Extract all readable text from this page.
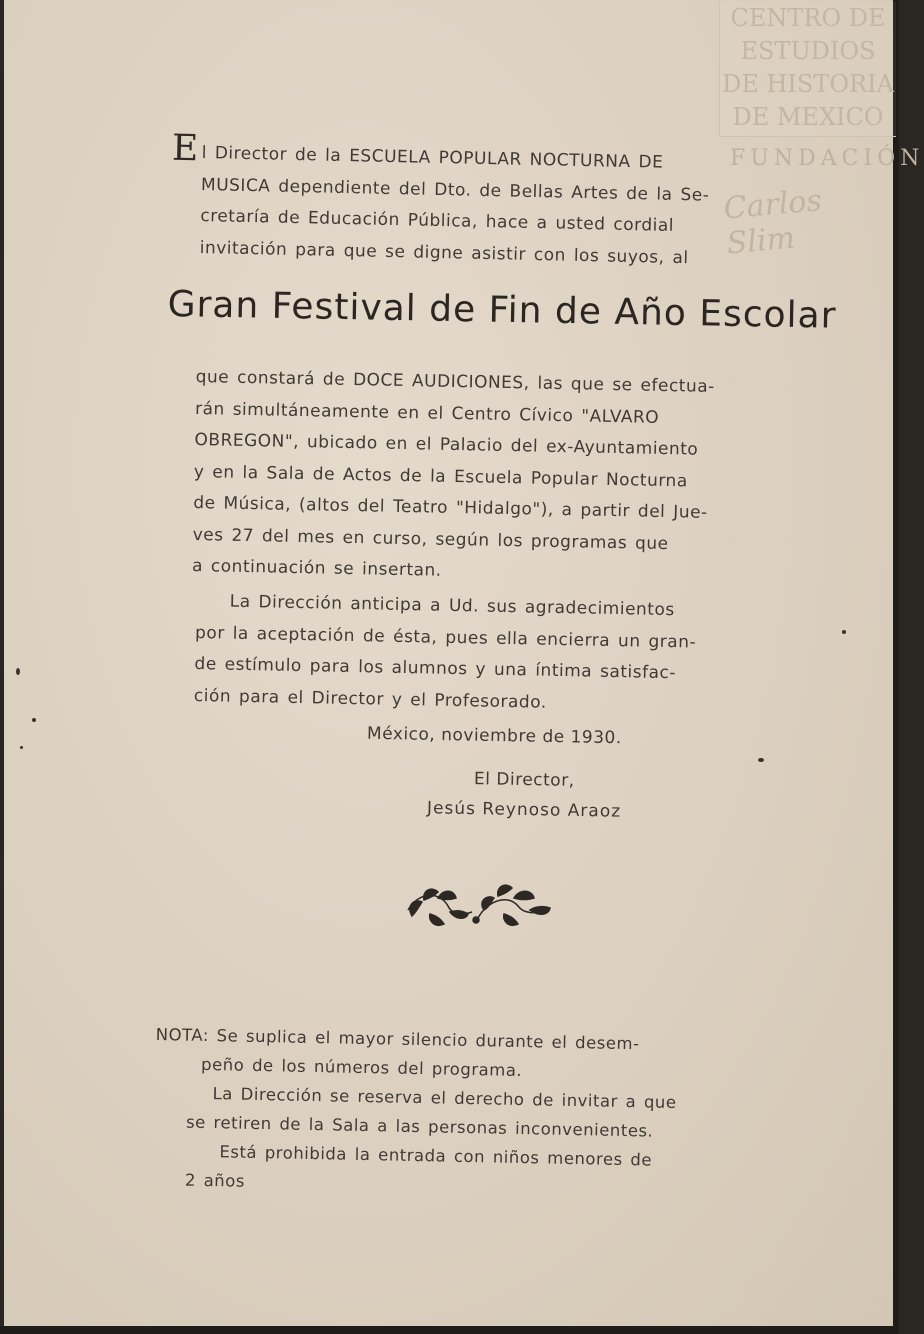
CENTRO DE
ESTUDIOS
DE HISTORIA
DE MEXICO
FUNDACIÓN
Carlos Slim
E l Director de la ESCUELA POPULAR NOCTURNA DE
MUSICA dependiente del Dto. de Bellas Artes de la Se-
cretaría de Educación Pública, hace a usted cordial
invitación para que se digne asistir con los suyos, al
Gran Festival de Fin de Año Escolar
que constará de DOCE AUDICIONES, las que se efectua-
rán simultáneamente en el Centro Cívico "ALVARO
OBREGON", ubicado en el Palacio del ex-Ayuntamiento
y en la Sala de Actos de la Escuela Popular Nocturna
de Música, (altos del Teatro "Hidalgo"), a partir del Jue-
ves 27 del mes en curso, según los programas que
a continuación se insertan.
La Dirección anticipa a Ud. sus agradecimientos
por la aceptación de ésta, pues ella encierra un gran-
de estímulo para los alumnos y una íntima satisfac-
ción para el Director y el Profesorado.
México, noviembre de 1930.
El Director,
Jesús Reynoso Araoz
NOTA: Se suplica el mayor silencio durante el desem-
peño de los números del programa.
La Dirección se reserva el derecho de invitar a que
se retiren de la Sala a las personas inconvenientes.
Está prohibida la entrada con niños menores de
2 años
